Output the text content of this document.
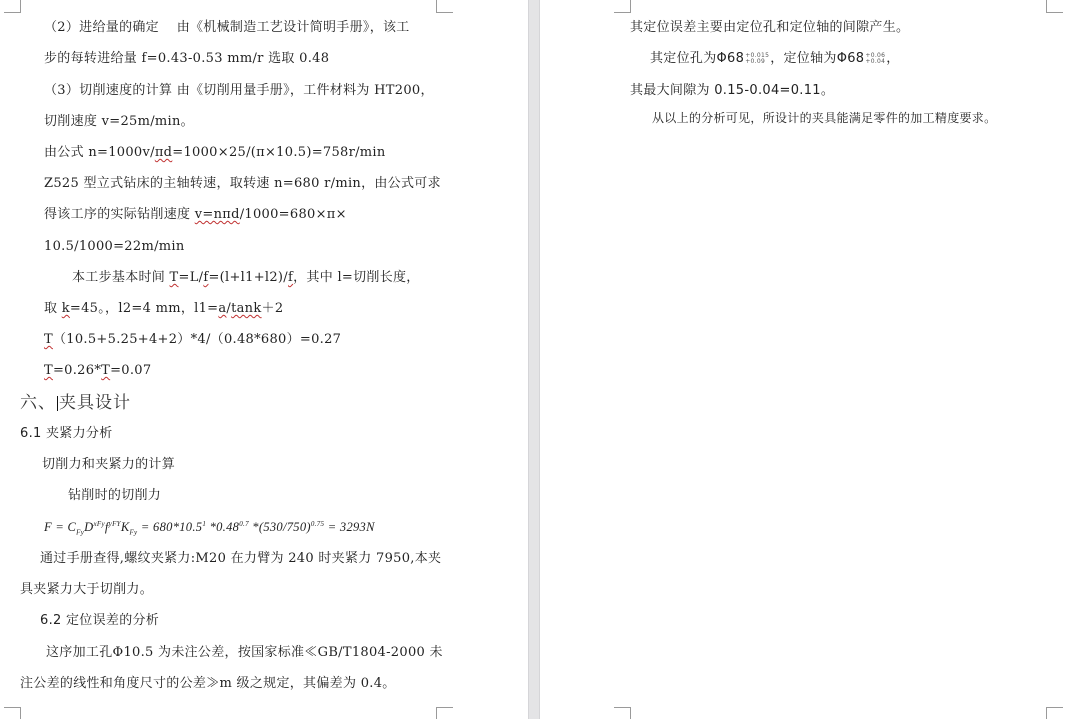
（2）进给量的确定　 由《机械制造工艺设计简明手册》，该工
步的每转进给量 f=0.43-0.53 mm/r 选取 0.48
（3）切削速度的计算 由《切削用量手册》，工件材料为 HT200，
切削速度 v=25m/min。
由公式 n=1000v/πd=1000×25/(π×10.5)=758r/min
Z525 型立式钻床的主轴转速，取转速 n=680 r/min，由公式可求
得该工序的实际钻削速度 v=nπd/1000=680×π×
10.5/1000=22m/min
本工步基本时间 T=L/f=(l+l1+l2)/f，其中 l=切削长度，
取 k=45。，l2=4 mm，l1=a/tank＋2
T（10.5+5.25+4+2）*4/（0.48*680）=0.27
T=0.26*T=0.07
六、 夹具设计
6.1 夹紧力分析
切削力和夹紧力的计算
钻削时的切削力
$F = C_{Fy}D^{xFy}f^{yFY}K_{Fy} = 680*10.5^1$ $*0.48^{0.7}$ $*(530/750)^{0.75} = 3293N$
通过手册查得,螺纹夹紧力:M20 在力臂为 240 时夹紧力 7950,本夹
具夹紧力大于切削力。
6.2 定位误差的分析
这序加工孔Φ10.5 为未注公差，按国家标准≪GB/T1804-2000 未
注公差的线性和角度尺寸的公差≫m 级之规定，其偏差为 0.4。
其定位误差主要由定位孔和定位轴的间隙产生。
其定位孔为Φ68+0.015
+0.09 ，定位轴为Φ68+0.06
+0.04，
其最大间隙为 0.15-0.04=0.11。
从以上的分析可见，所设计的夹具能满足零件的加工精度要求。
